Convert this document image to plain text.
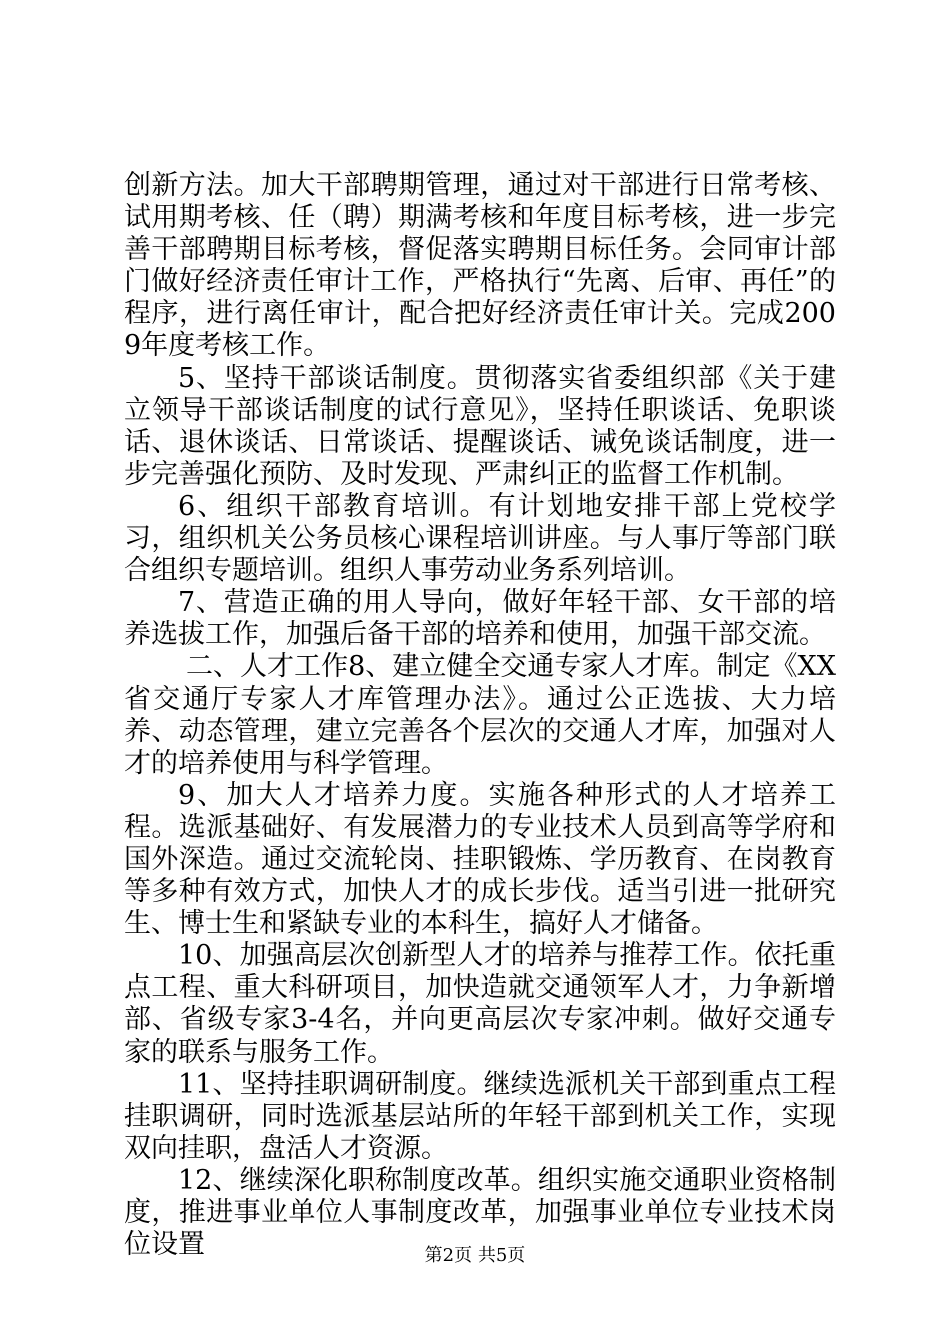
创新方法。加大干部聘期管理，通过对干部进行日常考核、试用期考核、任（聘）期满考核和年度目标考核，进一步完善干部聘期目标考核，督促落实聘期目标任务。会同审计部门做好经济责任审计工作，严格执行“先离、后审、再任”的程序，进行离任审计，配合把好经济责任审计关。完成2009年度考核工作。

5、坚持干部谈话制度。贯彻落实省委组织部《关于建立领导干部谈话制度的试行意见》，坚持任职谈话、免职谈话、退休谈话、日常谈话、提醒谈话、诫免谈话制度，进一步完善强化预防、及时发现、严肃纠正的监督工作机制。

6、组织干部教育培训。有计划地安排干部上党校学习，组织机关公务员核心课程培训讲座。与人事厅等部门联合组织专题培训。组织人事劳动业务系列培训。

7、营造正确的用人导向，做好年轻干部、女干部的培养选拔工作，加强后备干部的培养和使用，加强干部交流。

二、人才工作8、建立健全交通专家人才库。制定《XX省交通厅专家人才库管理办法》。通过公正选拔、大力培养、动态管理，建立完善各个层次的交通人才库，加强对人才的培养使用与科学管理。

9、加大人才培养力度。实施各种形式的人才培养工程。选派基础好、有发展潜力的专业技术人员到高等学府和国外深造。通过交流轮岗、挂职锻炼、学历教育、在岗教育等多种有效方式，加快人才的成长步伐。适当引进一批研究生、博士生和紧缺专业的本科生，搞好人才储备。

10、加强高层次创新型人才的培养与推荐工作。依托重点工程、重大科研项目，加快造就交通领军人才，力争新增部、省级专家3-4名，并向更高层次专家冲刺。做好交通专家的联系与服务工作。

11、坚持挂职调研制度。继续选派机关干部到重点工程挂职调研，同时选派基层站所的年轻干部到机关工作，实现双向挂职，盘活人才资源。

12、继续深化职称制度改革。组织实施交通职业资格制度，推进事业单位人事制度改革，加强事业单位专业技术岗位设置	第2页 共5页
